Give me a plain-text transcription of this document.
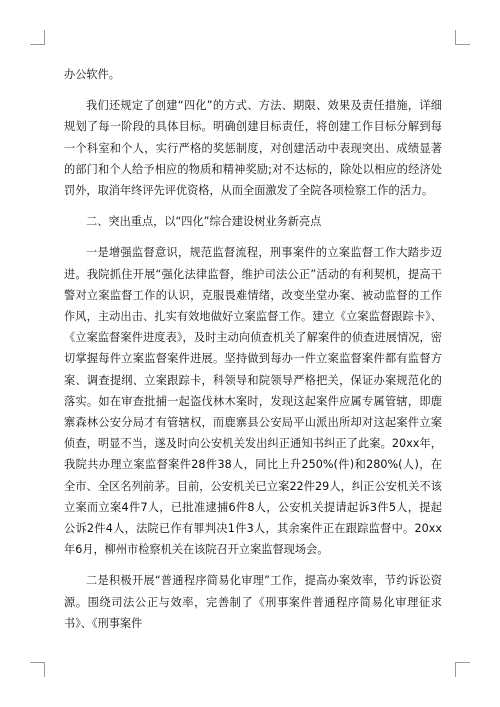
办公软件。

我们还规定了创建“四化”的方式、方法、期限、效果及责任措施，详细规划了每一阶段的具体目标。明确创建目标责任，将创建工作目标分解到每一个科室和个人，实行严格的奖惩制度，对创建活动中表现突出、成绩显著的部门和个人给予相应的物质和精神奖励;对不达标的，除处以相应的经济处罚外，取消年终评先评优资格，从而全面激发了全院各项检察工作的活力。

二、突出重点，以“四化”综合建设树业务新亮点

一是增强监督意识，规范监督流程，刑事案件的立案监督工作大踏步迈进。我院抓住开展“强化法律监督，维护司法公正”活动的有利契机，提高干警对立案监督工作的认识，克服畏难情绪，改变坐堂办案、被动监督的工作作风，主动出击、扎实有效地做好立案监督工作。建立《立案监督跟踪卡》、《立案监督案件进度表》，及时主动向侦查机关了解案件的侦查进展情况，密切掌握每件立案监督案件进展。坚持做到每办一件立案监督案件都有监督方案、调查提纲、立案跟踪卡，科领导和院领导严格把关，保证办案规范化的落实。如在审查批捕一起盗伐林木案时，发现这起案件应属专属管辖，即鹿寨森林公安分局才有管辖权，而鹿寨县公安局平山派出所却对这起案件立案侦查，明显不当，遂及时向公安机关发出纠正通知书纠正了此案。20xx年，我院共办理立案监督案件28件38人，同比上升250%(件)和280%(人)，在全市、全区名列前茅。目前，公安机关已立案22件29人，纠正公安机关不该立案而立案4件7人，已批准逮捕6件8人，公安机关提请起诉3件5人，提起公诉2件4人，法院已作有罪判决1件3人，其余案件正在跟踪监督中。20xx年6月，柳州市检察机关在该院召开立案监督现场会。

二是积极开展“普通程序简易化审理”工作，提高办案效率，节约诉讼资源。围绕司法公正与效率，完善制了《刑事案件普通程序简易化审理征求书》、《刑事案件
